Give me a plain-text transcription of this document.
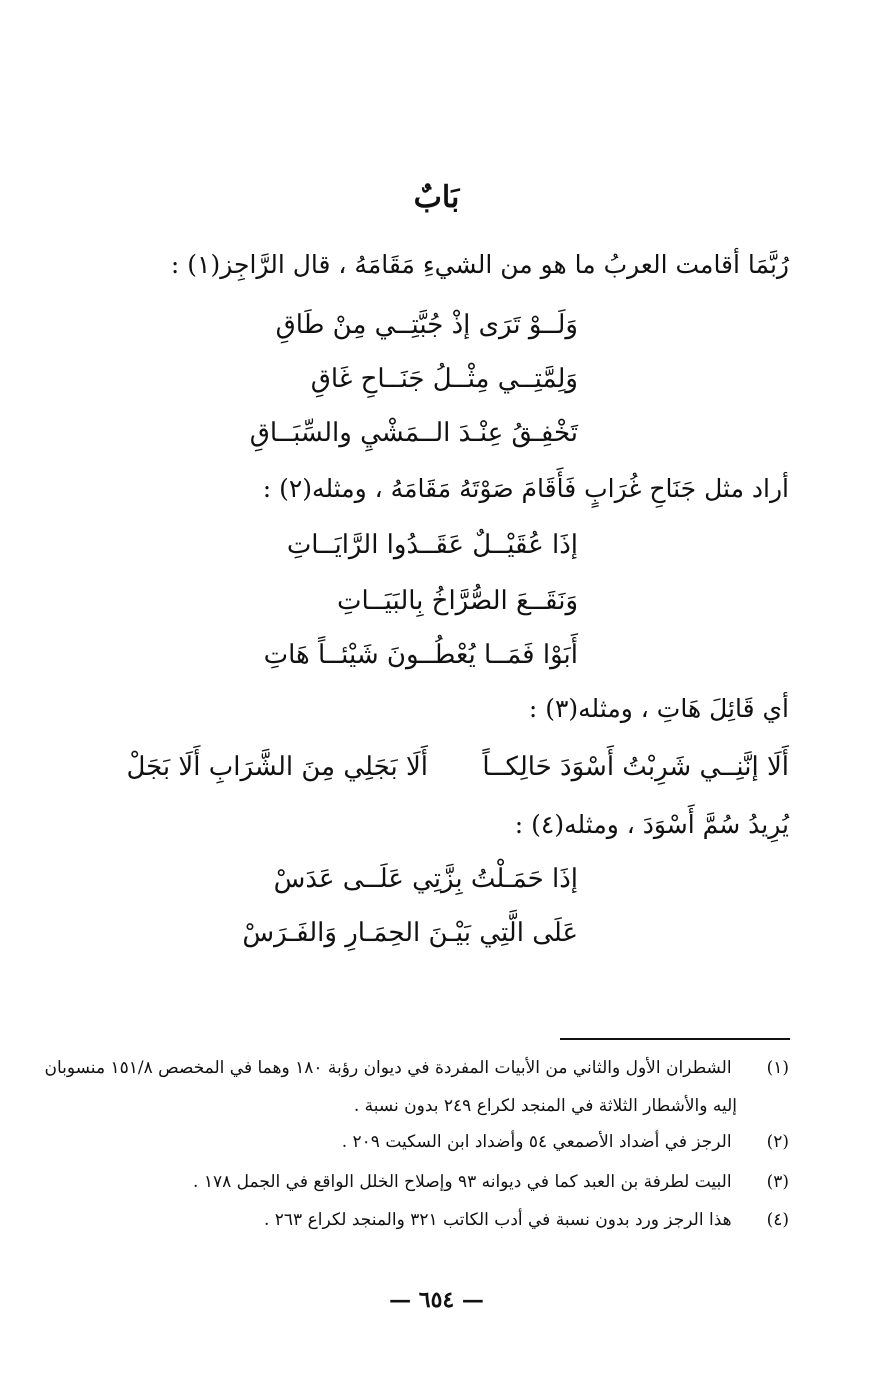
بَابٌ
رُبَّمَا أقامت العربُ ما هو من الشيءِ مَقَامَهُ ، قال الرَّاجِز(١) :
وَلَــوْ تَرَى إذْ جُبَّتِــي مِنْ طَاقِ
وَلِمَّتِــي مِثْــلُ جَنَــاحِ غَاقِ
تَخْفِـقُ عِنْـدَ الــمَشْيِ والسِّبَــاقِ
أراد مثل جَنَاحِ غُرَابٍ فَأَقَامَ صَوْتَهُ مَقَامَهُ ، ومثله(٢) :
إذَا عُقَيْــلٌ عَقَــدُوا الرَّايَــاتِ
وَنَقَــعَ الصُّرَّاخُ بِالبَيَــاتِ
أَبَوْا فَمَــا يُعْطُــونَ شَيْئــاً هَاتِ
أي قَائِلَ هَاتِ ، ومثله(٣) :
أَلَا إنَّنِــي شَرِبْتُ أَسْوَدَ حَالِكــاً
أَلَا بَجَلِي مِنَ الشَّرَابِ أَلَا بَجَلْ
يُرِيدُ سُمَّ أَسْوَدَ ، ومثله(٤) :
إذَا حَمَـلْتُ بِزَّتِي عَلَــى عَدَسْ
عَلَى الَّتِي بَيْـنَ الحِمَـارِ وَالفَـرَسْ
(١) الشطران الأول والثاني من الأبيات المفردة في ديوان رؤبة ١٨٠ وهما في المخصص ١٥١/٨ منسوبان
إليه والأشطار الثلاثة في المنجد لكراع ٢٤٩ بدون نسبة .
(٢) الرجز في أضداد الأصمعي ٥٤ وأضداد ابن السكيت ٢٠٩ .
(٣) البيت لطرفة بن العبد كما في ديوانه ٩٣ وإصلاح الخلل الواقع في الجمل ١٧٨ .
(٤) هذا الرجز ورد بدون نسبة في أدب الكاتب ٣٢١ والمنجد لكراع ٢٦٣ .
— ٦٥٤ —
